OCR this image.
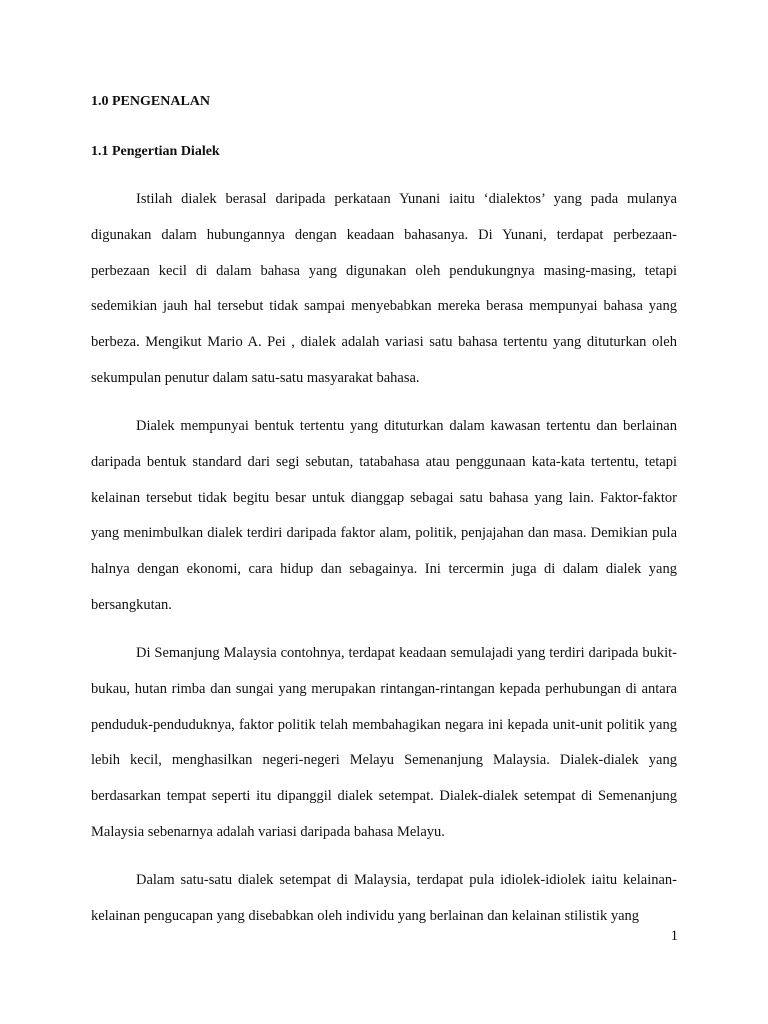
1.0 PENGENALAN
1.1 Pengertian Dialek

Istilah dialek berasal daripada perkataan Yunani iaitu ‘dialektos’ yang pada mulanya digunakan dalam hubungannya dengan keadaan bahasanya. Di Yunani, terdapat perbezaan-perbezaan kecil di dalam bahasa yang digunakan oleh pendukungnya masing-masing, tetapi sedemikian jauh hal tersebut tidak sampai menyebabkan mereka berasa mempunyai bahasa yang berbeza. Mengikut Mario A. Pei , dialek adalah variasi satu bahasa tertentu yang dituturkan oleh sekumpulan penutur dalam satu-satu masyarakat bahasa.

Dialek mempunyai bentuk tertentu yang dituturkan dalam kawasan tertentu dan berlainan daripada bentuk standard dari segi sebutan, tatabahasa atau penggunaan kata-kata tertentu, tetapi kelainan tersebut tidak begitu besar untuk dianggap sebagai satu bahasa yang lain. Faktor-faktor yang menimbulkan dialek terdiri daripada faktor alam, politik, penjajahan dan masa. Demikian pula halnya dengan ekonomi, cara hidup dan sebagainya. Ini tercermin juga di dalam dialek yang bersangkutan.

Di Semanjung Malaysia contohnya, terdapat keadaan semulajadi yang terdiri daripada bukit-bukau, hutan rimba dan sungai yang merupakan rintangan-rintangan kepada perhubungan di antara penduduk-penduduknya, faktor politik telah membahagikan negara ini kepada unit-unit politik yang lebih kecil, menghasilkan negeri-negeri Melayu Semenanjung Malaysia. Dialek-dialek yang berdasarkan tempat seperti itu dipanggil dialek setempat. Dialek-dialek setempat di Semenanjung Malaysia sebenarnya adalah variasi daripada bahasa Melayu.

Dalam satu-satu dialek setempat di Malaysia, terdapat pula idiolek-idiolek iaitu kelainan-kelainan pengucapan yang disebabkan oleh individu yang berlainan dan kelainan stilistik yang

1
